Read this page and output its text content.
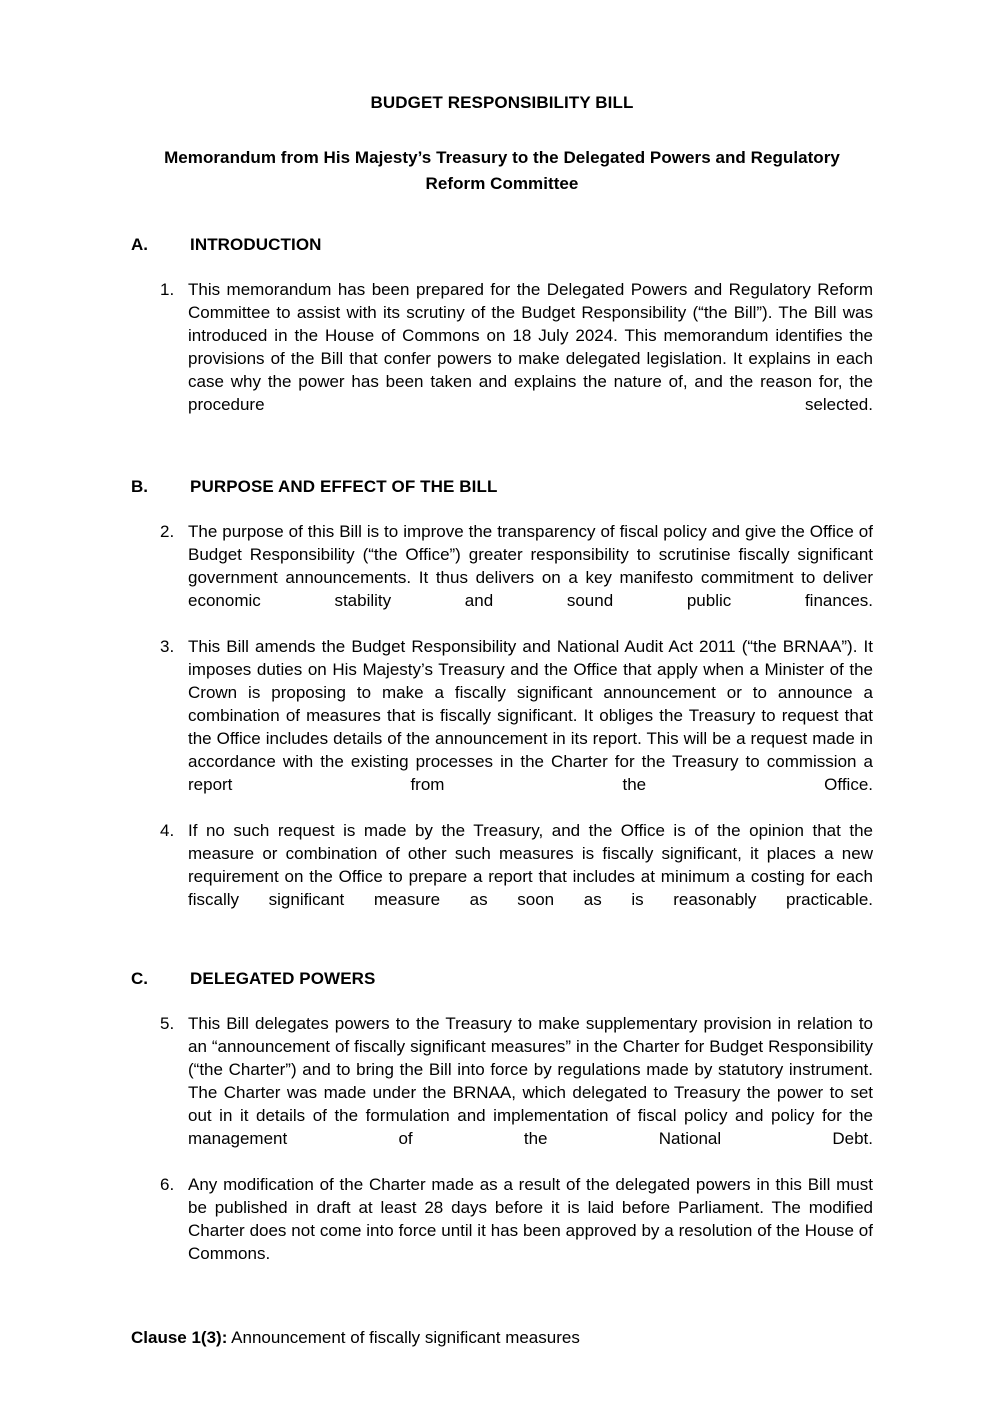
BUDGET RESPONSIBILITY BILL
Memorandum from His Majesty’s Treasury to the Delegated Powers and Regulatory Reform Committee
A.	INTRODUCTION
1. This memorandum has been prepared for the Delegated Powers and Regulatory Reform Committee to assist with its scrutiny of the Budget Responsibility (“the Bill”). The Bill was introduced in the House of Commons on 18 July 2024. This memorandum identifies the provisions of the Bill that confer powers to make delegated legislation. It explains in each case why the power has been taken and explains the nature of, and the reason for, the procedure selected.
B.	PURPOSE AND EFFECT OF THE BILL
2. The purpose of this Bill is to improve the transparency of fiscal policy and give the Office of Budget Responsibility (“the Office”) greater responsibility to scrutinise fiscally significant government announcements. It thus delivers on a key manifesto commitment to deliver economic stability and sound public finances.
3. This Bill amends the Budget Responsibility and National Audit Act 2011 (“the BRNAA”). It imposes duties on His Majesty’s Treasury and the Office that apply when a Minister of the Crown is proposing to make a fiscally significant announcement or to announce a combination of measures that is fiscally significant. It obliges the Treasury to request that the Office includes details of the announcement in its report. This will be a request made in accordance with the existing processes in the Charter for the Treasury to commission a report from the Office.
4. If no such request is made by the Treasury, and the Office is of the opinion that the measure or combination of other such measures is fiscally significant, it places a new requirement on the Office to prepare a report that includes at minimum a costing for each fiscally significant measure as soon as is reasonably practicable.
C.	DELEGATED POWERS
5. This Bill delegates powers to the Treasury to make supplementary provision in relation to an “announcement of fiscally significant measures” in the Charter for Budget Responsibility (“the Charter”) and to bring the Bill into force by regulations made by statutory instrument. The Charter was made under the BRNAA, which delegated to Treasury the power to set out in it details of the formulation and implementation of fiscal policy and policy for the management of the National Debt.
6. Any modification of the Charter made as a result of the delegated powers in this Bill must be published in draft at least 28 days before it is laid before Parliament. The modified Charter does not come into force until it has been approved by a resolution of the House of Commons.

Clause 1(3): Announcement of fiscally significant measures
